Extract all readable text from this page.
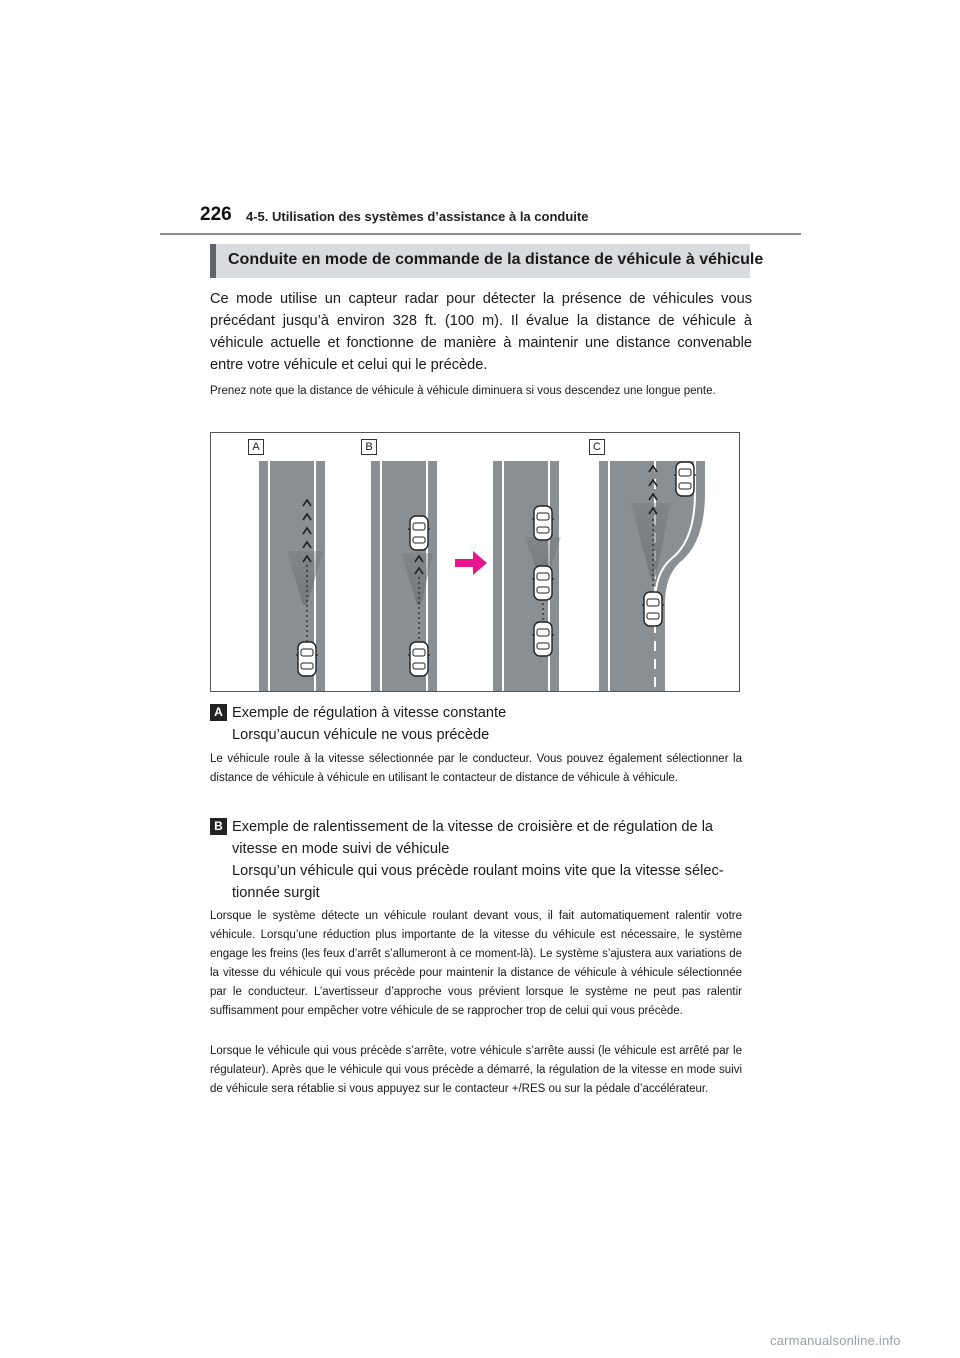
226 4-5. Utilisation des systèmes d’assistance à la conduite
Conduite en mode de commande de la distance de véhicule à véhicule

Ce mode utilise un capteur radar pour détecter la présence de véhicules vous précédant jusqu’à environ 328 ft. (100 m). Il évalue la distance de véhicule à véhicule actuelle et fonctionne de manière à maintenir une distance convenable entre votre véhicule et celui qui le précède.

Prenez note que la distance de véhicule à véhicule diminuera si vous descendez une longue pente.

A	B	C
A Exemple de régulation à vitesse constante
Lorsqu’aucun véhicule ne vous précède

Le véhicule roule à la vitesse sélectionnée par le conducteur. Vous pouvez également sélectionner la distance de véhicule à véhicule en utilisant le contacteur de distance de véhicule à véhicule.

B Exemple de ralentissement de la vitesse de croisière et de régulation de la
vitesse en mode suivi de véhicule
Lorsqu’un véhicule qui vous précède roulant moins vite que la vitesse sélec-
tionnée surgit

Lorsque le système détecte un véhicule roulant devant vous, il fait automatiquement ralentir votre véhicule. Lorsqu’une réduction plus importante de la vitesse du véhicule est nécessaire, le système engage les freins (les feux d’arrêt s’allumeront à ce moment-là). Le système s’ajustera aux variations de la vitesse du véhicule qui vous précède pour maintenir la distance de véhicule à véhicule sélectionnée par le conducteur. L’avertisseur d’approche vous prévient lorsque le système ne peut pas ralentir suffisamment pour empêcher votre véhicule de se rapprocher trop de celui qui vous précède.

Lorsque le véhicule qui vous précède s’arrête, votre véhicule s’arrête aussi (le véhicule est arrêté par le régulateur). Après que le véhicule qui vous précède a démarré, la régulation de la vitesse en mode suivi de véhicule sera rétablie si vous appuyez sur le contacteur +/RES ou sur la pédale d’accélérateur.

carmanualsonline.info
